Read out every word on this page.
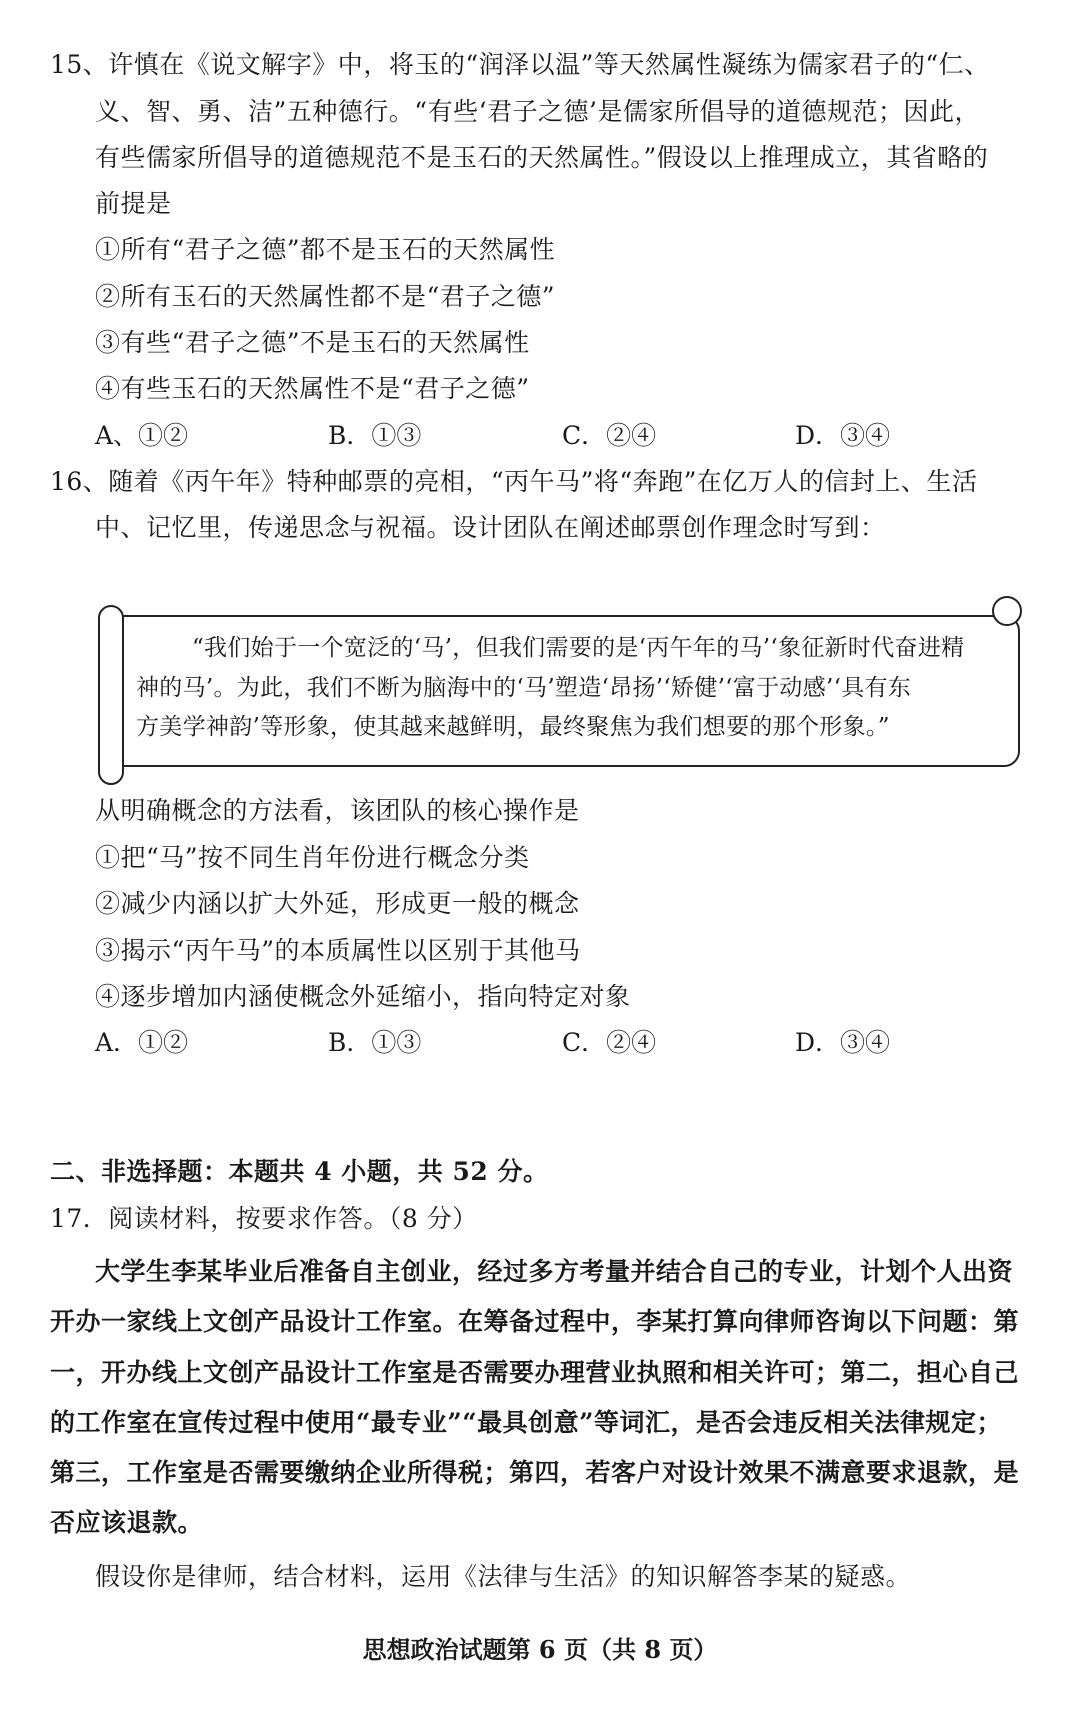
15、许慎在《说文解字》中，将玉的“润泽以温”等天然属性凝练为儒家君子的“仁、
义、智、勇、洁”五种德行。“有些‘君子之德’是儒家所倡导的道德规范；因此，
有些儒家所倡导的道德规范不是玉石的天然属性。”假设以上推理成立，其省略的
前提是
①所有“君子之德”都不是玉石的天然属性
②所有玉石的天然属性都不是“君子之德”
③有些“君子之德”不是玉石的天然属性
④有些玉石的天然属性不是“君子之德”
A、①②	B．①③	C．②④	D．③④
16、随着《丙午年》特种邮票的亮相，“丙午马”将“奔跑”在亿万人的信封上、生活
中、记忆里，传递思念与祝福。设计团队在阐述邮票创作理念时写到：
“我们始于一个宽泛的‘马’，但我们需要的是‘丙午年的马’‘象征新时代奋进精
神的马’。为此，我们不断为脑海中的‘马’塑造‘昂扬’‘矫健’‘富于动感’‘具有东
方美学神韵’等形象，使其越来越鲜明，最终聚焦为我们想要的那个形象。”
从明确概念的方法看，该团队的核心操作是
①把“马”按不同生肖年份进行概念分类
②减少内涵以扩大外延，形成更一般的概念
③揭示“丙午马”的本质属性以区别于其他马
④逐步增加内涵使概念外延缩小，指向特定对象
A．①②	B．①③	C．②④	D．③④
二、非选择题：本题共 4 小题，共 52 分。
17．阅读材料，按要求作答。（8 分）
大学生李某毕业后准备自主创业，经过多方考量并结合自己的专业，计划个人出资
开办一家线上文创产品设计工作室。在筹备过程中，李某打算向律师咨询以下问题：第
一，开办线上文创产品设计工作室是否需要办理营业执照和相关许可；第二，担心自己
的工作室在宣传过程中使用“最专业”“最具创意”等词汇，是否会违反相关法律规定；
第三，工作室是否需要缴纳企业所得税；第四，若客户对设计效果不满意要求退款，是
否应该退款。
假设你是律师，结合材料，运用《法律与生活》的知识解答李某的疑惑。
思想政治试题第 6 页（共 8 页）
